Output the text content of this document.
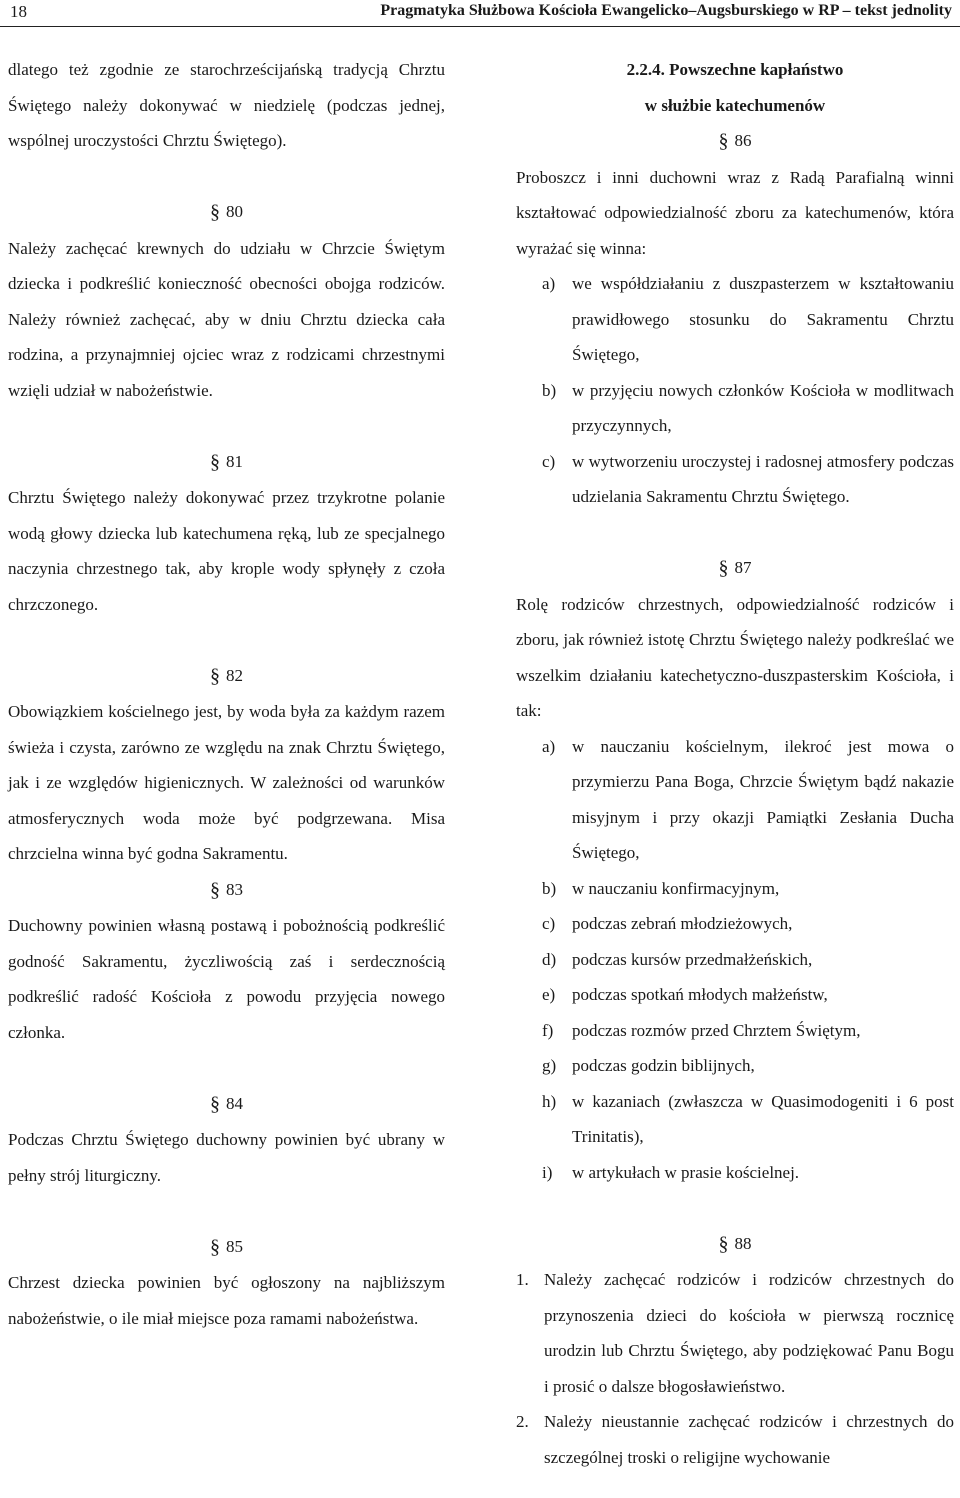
18	Pragmatyka Służbowa Kościoła Ewangelicko–Augsburskiego w RP – tekst jednolity

dlatego też zgodnie ze starochrześcijańską tradycją Chrztu Świętego należy dokonywać w niedzielę (podczas jednej, wspólnej uroczystości Chrztu Świętego).

§ 80

Należy zachęcać krewnych do udziału w Chrzcie Świętym dziecka i podkreślić konieczność obecności obojga rodziców. Należy również zachęcać, aby w dniu Chrztu dziecka cała rodzina, a przynajmniej ojciec wraz z rodzicami chrzestnymi wzięli udział w nabożeństwie.

§ 81

Chrztu Świętego należy dokonywać przez trzykrotne polanie wodą głowy dziecka lub katechumena ręką, lub ze specjalnego naczynia chrzestnego tak, aby krople wody spłynęły z czoła chrzczonego.

§ 82

Obowiązkiem kościelnego jest, by woda była za każdym razem świeża i czysta, zarówno ze względu na znak Chrztu Świętego, jak i ze względów higienicznych. W zależności od warunków atmosferycznych woda może być podgrzewana. Misa chrzcielna winna być godna Sakramentu.

§ 83

Duchowny powinien własną postawą i pobożnością podkreślić godność Sakramentu, życzliwością zaś i serdecznością podkreślić radość Kościoła z powodu przyjęcia nowego członka.

§ 84

Podczas Chrztu Świętego duchowny powinien być ubrany w pełny strój liturgiczny.

§ 85

Chrzest dziecka powinien być ogłoszony na najbliższym nabożeństwie, o ile miał miejsce poza ramami nabożeństwa.

2.2.4. Powszechne kapłaństwo
w służbie katechumenów
§ 86

Proboszcz i inni duchowni wraz z Radą Parafialną winni kształtować odpowiedzialność zboru za katechumenów, która wyrażać się winna:

a) we współdziałaniu z duszpasterzem w kształtowaniu prawidłowego stosunku do Sakramentu Chrztu Świętego,
b) w przyjęciu nowych członków Kościoła w modlitwach przyczynnych,
c) w wytworzeniu uroczystej i radosnej atmosfery podczas udzielania Sakramentu Chrztu Świętego.
§ 87

Rolę rodziców chrzestnych, odpowiedzialność rodziców i zboru, jak również istotę Chrztu Świętego należy podkreślać we wszelkim działaniu katechetyczno-duszpasterskim Kościoła, i tak:

a) w nauczaniu kościelnym, ilekroć jest mowa o przymierzu Pana Boga, Chrzcie Świętym bądź nakazie misyjnym i przy okazji Pamiątki Zesłania Ducha Świętego,
b) w nauczaniu konfirmacyjnym,
c) podczas zebrań młodzieżowych,
d) podczas kursów przedmałżeńskich,
e) podczas spotkań młodych małżeństw,
f) podczas rozmów przed Chrztem Świętym,
g) podczas godzin biblijnych,
h) w kazaniach (zwłaszcza w Quasimodogeniti i 6 post Trinitatis),
i) w artykułach w prasie kościelnej.
§ 88
1. Należy zachęcać rodziców i rodziców chrzestnych do przynoszenia dzieci do kościoła w pierwszą rocznicę urodzin lub Chrztu Świętego, aby podziękować Panu Bogu i prosić o dalsze błogosławieństwo.
2. Należy nieustannie zachęcać rodziców i chrzestnych do szczególnej troski o religijne wychowanie
